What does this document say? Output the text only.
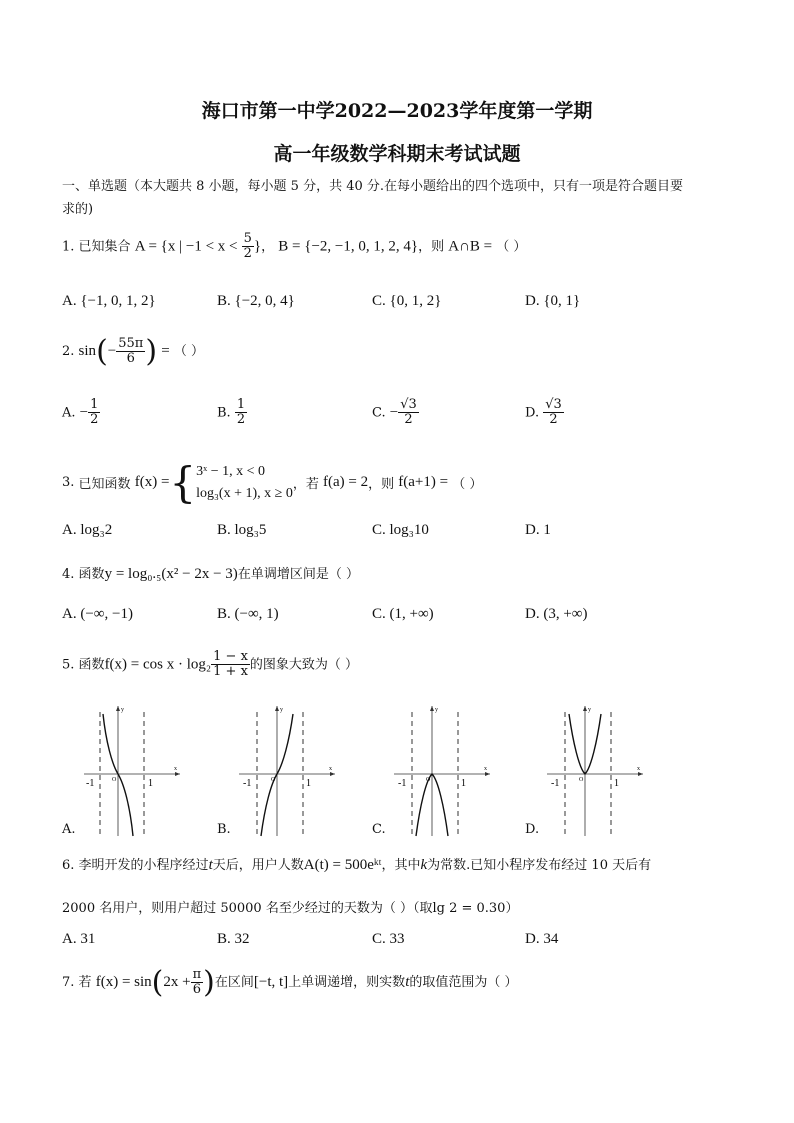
海口市第一中学2022—2023学年度第一学期
高一年级数学科期末考试试题
一、单选题（本大题共 8 小题，每小题 5 分，共 40 分.在每小题给出的四个选项中，只有一项是符合题目要
求的)
1. 已知集合 A = {x | $-1 < x < \frac{5}{2}$ }， B = {−2, −1, 0, 1, 2, 4}，则 A∩B = （ ）
A. {−1, 0, 1, 2}	B. {−2, 0, 4}	C. {0, 1, 2}	D. {0, 1}
2. $\sin(- \frac{55\pi}{6}$ ) = （ ）
A. − $\frac{1}{2}$	B. $\frac{1}{2}$	C. − $\frac{√3}{2}$	D. $\frac{√3}{2}$
3. 已知函数 f(x) ={ 3ˣ − 1, x < 0
log₃(x + 1), x ≥ 0
，若 f(a) = 2，则 f(a+1) = （ ）
A. log₃2	B. log₃5	C. log₃10	D. 1
4. 函数y = log₀.₅(x² − 2x − 3)在单调增区间是（ ）
A. (−∞, −1)	B. (−∞, 1)	C. (1, +∞)	D. (3, +∞)
5. 函数$f(x) = \cos x \cdot \log_2 \frac{1 - x}{1 + x}$ 的图象大致为（ ）
y
x
-1	1
O
A.
y
x
-1	1
O
B.
y
x
-1	1
O
C.
y
x
-1	1
O
D.
6. 李明开发的小程序经过t天后，用户人数A(t) = 500eᵏᵗ，其中k为常数.已知小程序发布经过 10 天后有
2000 名用户，则用户超过 50000 名至少经过的天数为（ ）（取lg 2 = 0.30）
A. 31	B. 32	C. 33	D. 34
7. 若 $f(x) = \sin(2x + \frac{\pi}{6}$ )在区间[−t, t]上单调递增，则实数t的取值范围为（ ）
